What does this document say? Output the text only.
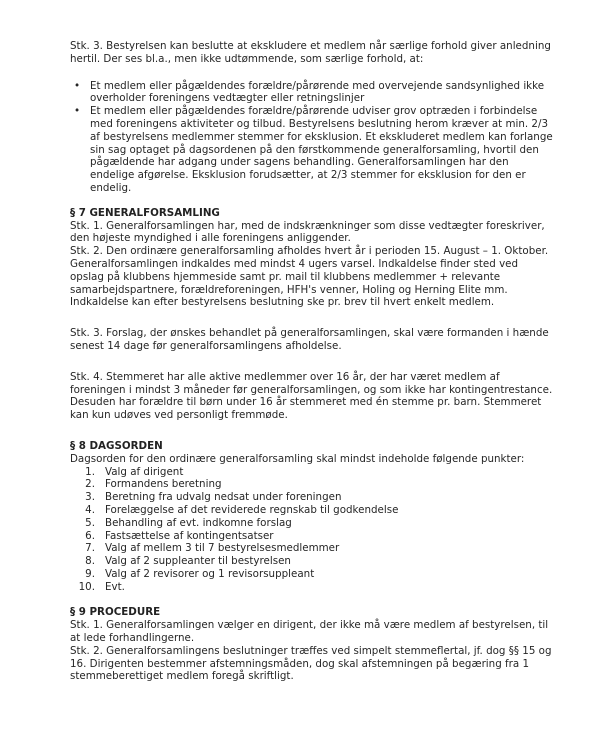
Stk. 3. Bestyrelsen kan beslutte at ekskludere et medlem når særlige forhold giver anledning hertil. Der ses bl.a., men ikke udtømmende, som særlige forhold, at:

• Et medlem eller pågældendes forældre/pårørende med overvejende sandsynlighed ikke overholder foreningens vedtægter eller retningslinjer
• Et medlem eller pågældendes forældre/pårørende udviser grov optræden i forbindelse med foreningens aktiviteter og tilbud. Bestyrelsens beslutning herom kræver at min. 2/3 af bestyrelsens medlemmer stemmer for eksklusion. Et ekskluderet medlem kan forlange sin sag optaget på dagsordenen på den førstkommende generalforsamling, hvortil den pågældende har adgang under sagens behandling. Generalforsamlingen har den endelige afgørelse. Eksklusion forudsætter, at 2/3 stemmer for eksklusion for den er endelig.
§ 7 GENERALFORSAMLING

Stk. 1. Generalforsamlingen har, med de indskrænkninger som disse vedtægter foreskriver, den højeste myndighed i alle foreningens anliggender.

Stk. 2. Den ordinære generalforsamling afholdes hvert år i perioden 15. August – 1. Oktober. Generalforsamlingen indkaldes med mindst 4 ugers varsel. Indkaldelse finder sted ved opslag på klubbens hjemmeside samt pr. mail til klubbens medlemmer + relevante samarbejdspartnere, forældreforeningen, HFH's venner, Holing og Herning Elite mm. Indkaldelse kan efter bestyrelsens beslutning ske pr. brev til hvert enkelt medlem.

Stk. 3. Forslag, der ønskes behandlet på generalforsamlingen, skal være formanden i hænde senest 14 dage før generalforsamlingens afholdelse.

Stk. 4. Stemmeret har alle aktive medlemmer over 16 år, der har været medlem af foreningen i mindst 3 måneder før generalforsamlingen, og som ikke har kontingentrestance. Desuden har forældre til børn under 16 år stemmeret med én stemme pr. barn. Stemmeret kan kun udøves ved personligt fremmøde.

§ 8 DAGSORDEN

Dagsorden for den ordinære generalforsamling skal mindst indeholde følgende punkter:

1. Valg af dirigent
2. Formandens beretning
3. Beretning fra udvalg nedsat under foreningen
4. Forelæggelse af det reviderede regnskab til godkendelse
5. Behandling af evt. indkomne forslag
6. Fastsættelse af kontingentsatser
7. Valg af mellem 3 til 7 bestyrelsesmedlemmer
8. Valg af 2 suppleanter til bestyrelsen
9. Valg af 2 revisorer og 1 revisorsuppleant
10. Evt.
§ 9 PROCEDURE

Stk. 1. Generalforsamlingen vælger en dirigent, der ikke må være medlem af bestyrelsen, til at lede forhandlingerne.

Stk. 2. Generalforsamlingens beslutninger træffes ved simpelt stemmeflertal, jf. dog §§ 15 og 16. Dirigenten bestemmer afstemningsmåden, dog skal afstemningen på begæring fra 1 stemmeberettiget medlem foregå skriftligt.
